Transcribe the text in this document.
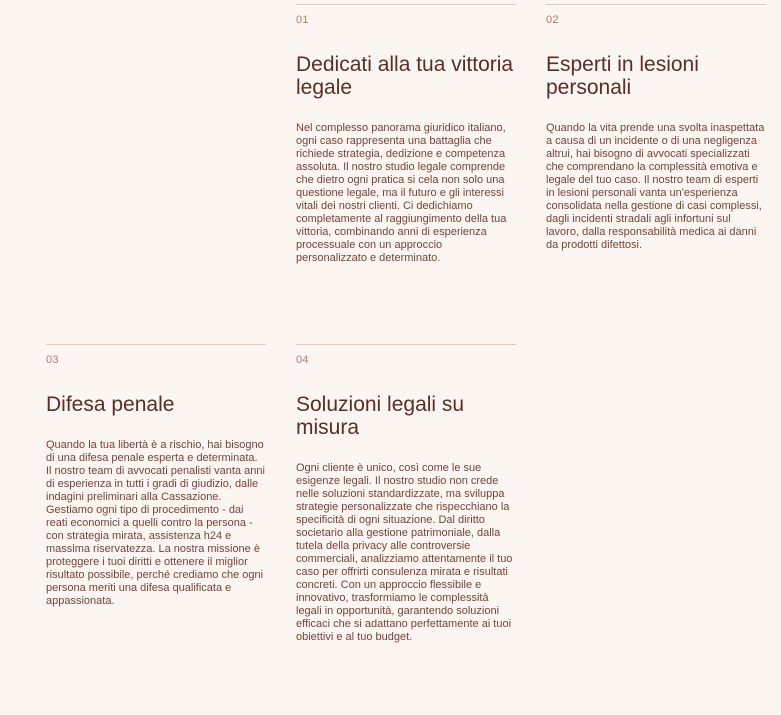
01
Dedicati alla tua vittoria legale
Nel complesso panorama giuridico italiano, ogni caso rappresenta una battaglia che richiede strategia, dedizione e competenza assoluta. Il nostro studio legale comprende che dietro ogni pratica si cela non solo una questione legale, ma il futuro e gli interessi vitali dei nostri clienti. Ci dedichiamo completamente al raggiungimento della tua vittoria, combinando anni di esperienza processuale con un approccio personalizzato e determinato.
02
Esperti in lesioni personali
Quando la vita prende una svolta inaspettata a causa di un incidente o di una negligenza altrui, hai bisogno di avvocati specializzati che comprendano la complessità emotiva e legale del tuo caso. Il nostro team di esperti in lesioni personali vanta un'esperienza consolidata nella gestione di casi complessi, dagli incidenti stradali agli infortuni sul lavoro, dalla responsabilità medica ai danni da prodotti difettosi.
03
Difesa penale
Quando la tua libertà è a rischio, hai bisogno di una difesa penale esperta e determinata. Il nostro team di avvocati penalisti vanta anni di esperienza in tutti i gradi di giudizio, dalle indagini preliminari alla Cassazione. Gestiamo ogni tipo di procedimento - dai reati economici a quelli contro la persona - con strategia mirata, assistenza h24 e massima riservatezza. La nostra missione è proteggere i tuoi diritti e ottenere il miglior risultato possibile, perché crediamo che ogni persona meriti una difesa qualificata e appassionata.
04
Soluzioni legali su misura
Ogni cliente è unico, così come le sue esigenze legali. Il nostro studio non crede nelle soluzioni standardizzate, ma sviluppa strategie personalizzate che rispecchiano la specificità di ogni situazione. Dal diritto societario alla gestione patrimoniale, dalla tutela della privacy alle controversie commerciali, analizziamo attentamente il tuo caso per offrirti consulenza mirata e risultati concreti. Con un approccio flessibile e innovativo, trasformiamo le complessità legali in opportunità, garantendo soluzioni efficaci che si adattano perfettamente ai tuoi obiettivi e al tuo budget.
